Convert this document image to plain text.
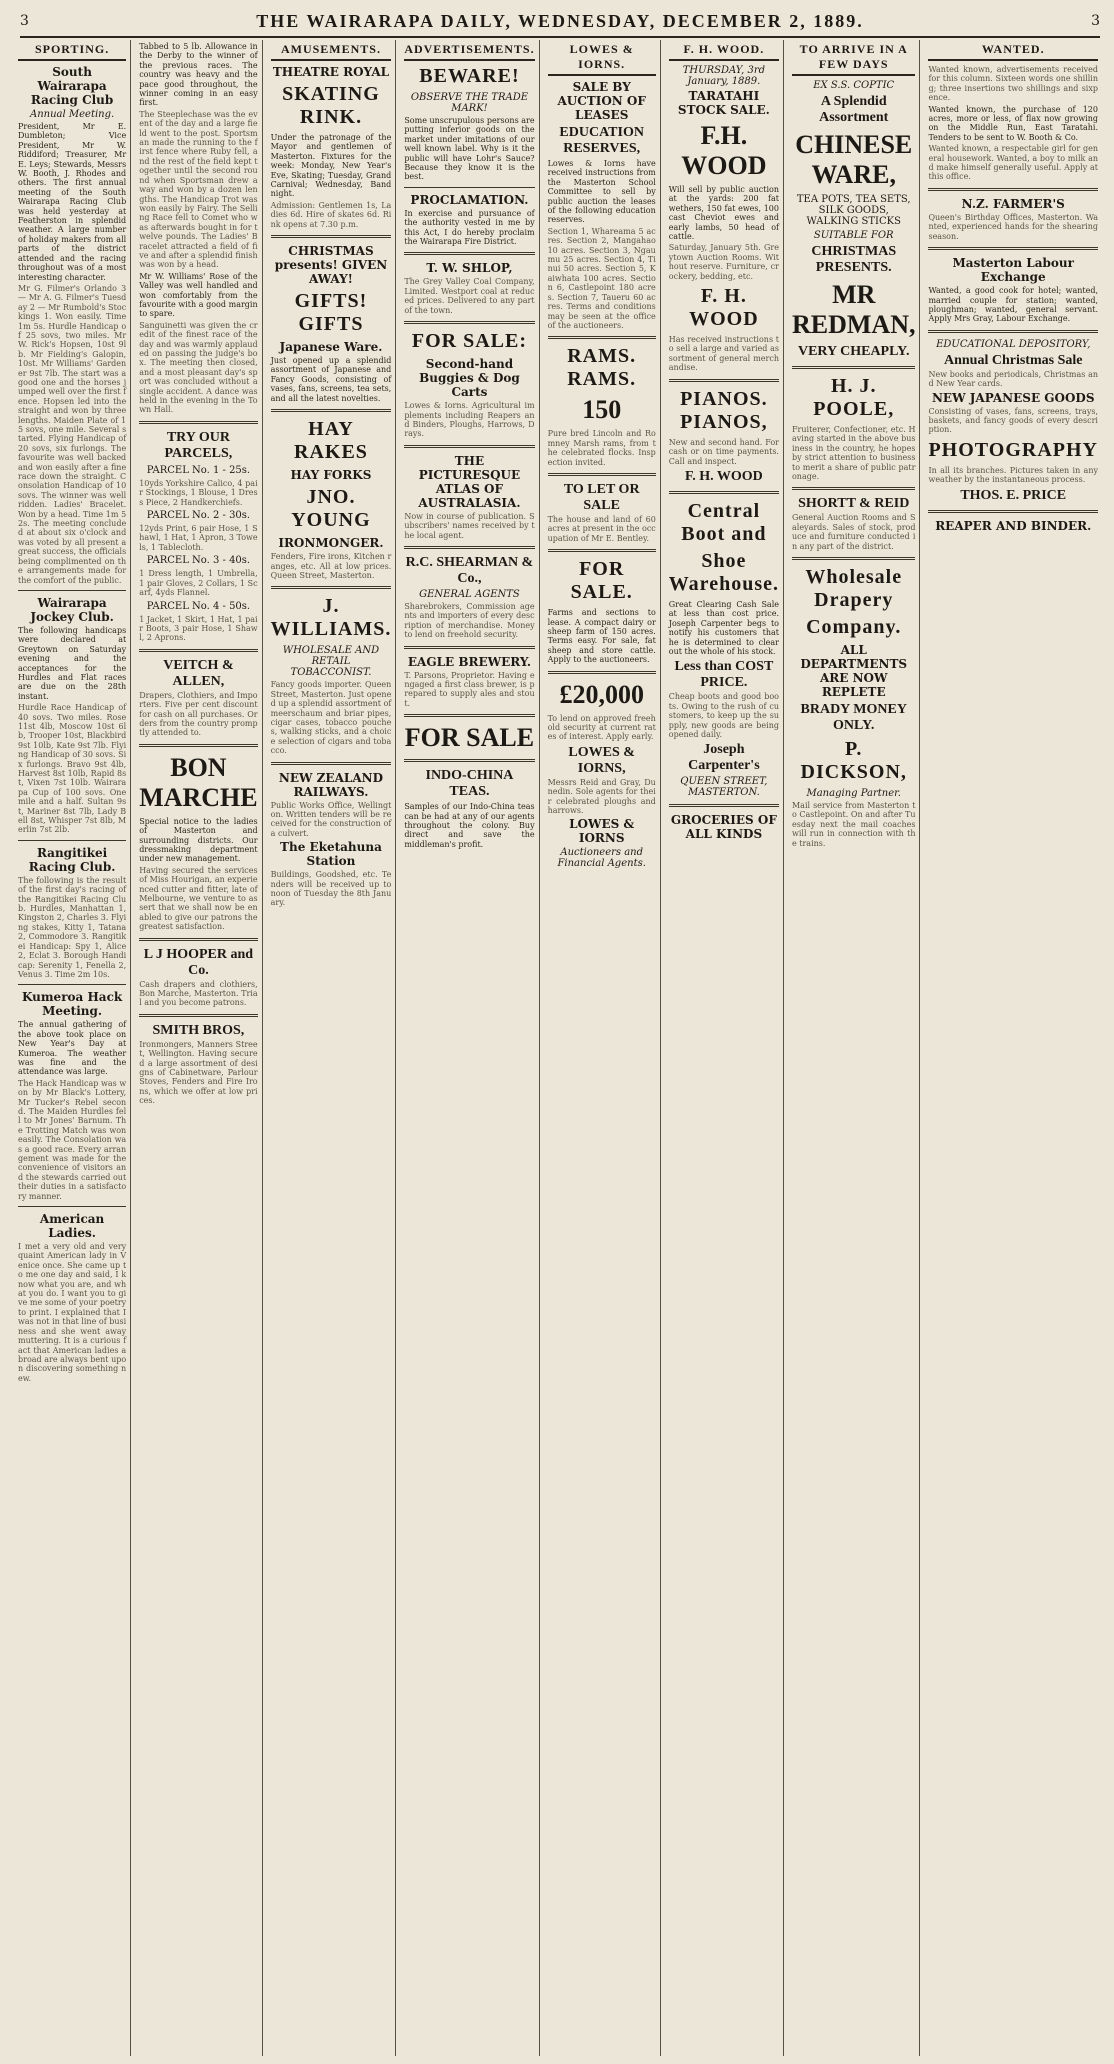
3	THE WAIRARAPA DAILY, WEDNESDAY, DECEMBER 2, 1889.	3
SPORTING.
South Wairarapa Racing Club
Annual Meeting.
President, Mr E. Dumbleton; Vice President, Mr W. Riddiford; Treasurer, Mr E. Leys; Stewards, Messrs W. Booth, J. Rhodes and others. The first annual meeting of the South Wairarapa Racing Club was held yesterday at Featherston in splendid weather. A large number of holiday makers from all parts of the district attended and the racing throughout was of a most interesting character.
Mr G. Filmer's Orlando 3 — Mr A. G. Filmer's Tuesday 2 — Mr Rumbold's Stockings 1. Won easily. Time 1m 5s. Hurdle Handicap of 25 sovs, two miles. Mr W. Rick's Hopsen, 10st 9lb. Mr Fielding's Galopin, 10st. Mr Williams' Gardener 9st 7lb. The start was a good one and the horses jumped well over the first fence. Hopsen led into the straight and won by three lengths. Maiden Plate of 15 sovs, one mile. Several started. Flying Handicap of 20 sovs, six furlongs. The favourite was well backed and won easily after a fine race down the straight. Consolation Handicap of 10 sovs. The winner was well ridden. Ladies' Bracelet. Won by a head. Time 1m 52s. The meeting concluded at about six o'clock and was voted by all present a great success, the officials being complimented on the arrangements made for the comfort of the public.
Wairarapa Jockey Club.
The following handicaps were declared at Greytown on Saturday evening and the acceptances for the Hurdles and Flat races are due on the 28th instant.
Hurdle Race Handicap of 40 sovs. Two miles. Rose 11st 4lb, Moscow 10st 6lb, Trooper 10st, Blackbird 9st 10lb, Kate 9st 7lb. Flying Handicap of 30 sovs. Six furlongs. Bravo 9st 4lb, Harvest 8st 10lb, Rapid 8st, Vixen 7st 10lb. Wairarapa Cup of 100 sovs. One mile and a half. Sultan 9st, Mariner 8st 7lb, Lady Bell 8st, Whisper 7st 8lb, Merlin 7st 2lb.
Rangitikei Racing Club.
The following is the result of the first day's racing of the Rangitikei Racing Club. Hurdles, Manhattan 1, Kingston 2, Charles 3. Flying stakes, Kitty 1, Tatana 2, Commodore 3. Rangitikei Handicap: Spy 1, Alice 2, Eclat 3. Borough Handicap: Serenity 1, Fenella 2, Venus 3. Time 2m 10s.
Kumeroa Hack Meeting.
The annual gathering of the above took place on New Year's Day at Kumeroa. The weather was fine and the attendance was large.
The Hack Handicap was won by Mr Black's Lottery, Mr Tucker's Rebel second. The Maiden Hurdles fell to Mr Jones' Barnum. The Trotting Match was won easily. The Consolation was a good race. Every arrangement was made for the convenience of visitors and the stewards carried out their duties in a satisfactory manner.
American Ladies.
I met a very old and very quaint American lady in Venice once. She came up to me one day and said, I know what you are, and what you do. I want you to give me some of your poetry to print. I explained that I was not in that line of business and she went away muttering. It is a curious fact that American ladies abroad are always bent upon discovering something new.
Tabbed to 5 lb. Allowance in the Derby to the winner of the previous races. The country was heavy and the pace good throughout, the winner coming in an easy first.
The Steeplechase was the event of the day and a large field went to the post. Sportsman made the running to the first fence where Ruby fell, and the rest of the field kept together until the second round when Sportsman drew away and won by a dozen lengths. The Handicap Trot was won easily by Fairy. The Selling Race fell to Comet who was afterwards bought in for twelve pounds. The Ladies' Bracelet attracted a field of five and after a splendid finish was won by a head.
Mr W. Williams' Rose of the Valley was well handled and won comfortably from the favourite with a good margin to spare.
Sanguinetti was given the credit of the finest race of the day and was warmly applauded on passing the judge's box. The meeting then closed, and a most pleasant day's sport was concluded without a single accident. A dance was held in the evening in the Town Hall.
TRY OUR PARCELS,
PARCEL No. 1 - 25s.
10yds Yorkshire Calico, 4 pair Stockings, 1 Blouse, 1 Dress Piece, 2 Handkerchiefs.
PARCEL No. 2 - 30s.
12yds Print, 6 pair Hose, 1 Shawl, 1 Hat, 1 Apron, 3 Towels, 1 Tablecloth.
PARCEL No. 3 - 40s.
1 Dress length, 1 Umbrella, 1 pair Gloves, 2 Collars, 1 Scarf, 4yds Flannel.
PARCEL No. 4 - 50s.
1 Jacket, 1 Skirt, 1 Hat, 1 pair Boots, 3 pair Hose, 1 Shawl, 2 Aprons.
VEITCH & ALLEN,
Drapers, Clothiers, and Importers. Five per cent discount for cash on all purchases. Orders from the country promptly attended to.
BON MARCHE
Special notice to the ladies of Masterton and surrounding districts. Our dressmaking department under new management.
Having secured the services of Miss Hourigan, an experienced cutter and fitter, late of Melbourne, we venture to assert that we shall now be enabled to give our patrons the greatest satisfaction.
L J HOOPER and Co.
Cash drapers and clothiers, Bon Marche, Masterton. Trial and you become patrons.
SMITH BROS,
Ironmongers, Manners Street, Wellington. Having secured a large assortment of designs of Cabinetware, Parlour Stoves, Fenders and Fire Irons, which we offer at low prices.
AMUSEMENTS.
THEATRE ROYAL
SKATING RINK.
Under the patronage of the Mayor and gentlemen of Masterton. Fixtures for the week: Monday, New Year's Eve, Skating; Tuesday, Grand Carnival; Wednesday, Band night.
Admission: Gentlemen 1s, Ladies 6d. Hire of skates 6d. Rink opens at 7.30 p.m.
CHRISTMAS presents! GIVEN AWAY!
GIFTS! GIFTS
Japanese Ware.
Just opened up a splendid assortment of Japanese and Fancy Goods, consisting of vases, fans, screens, tea sets, and all the latest novelties.
HAY RAKES
HAY FORKS
JNO. YOUNG
IRONMONGER.
Fenders, Fire irons, Kitchen ranges, etc. All at low prices. Queen Street, Masterton.
J. WILLIAMS.
WHOLESALE AND RETAIL TOBACCONIST.
Fancy goods importer. Queen Street, Masterton. Just opened up a splendid assortment of meerschaum and briar pipes, cigar cases, tobacco pouches, walking sticks, and a choice selection of cigars and tobacco.
NEW ZEALAND RAILWAYS.
Public Works Office, Wellington. Written tenders will be received for the construction of a culvert.
The Eketahuna Station
Buildings, Goodshed, etc. Tenders will be received up to noon of Tuesday the 8th January.
ADVERTISEMENTS.
BEWARE!
OBSERVE THE TRADE MARK!
Some unscrupulous persons are putting inferior goods on the market under imitations of our well known label. Why is it the public will have Lohr's Sauce? Because they know it is the best.
PROCLAMATION.
In exercise and pursuance of the authority vested in me by this Act, I do hereby proclaim the Wairarapa Fire District.
T. W. SHLOP,
The Grey Valley Coal Company, Limited. Westport coal at reduced prices. Delivered to any part of the town.
FOR SALE:
Second-hand Buggies & Dog Carts
Lowes & Iorns. Agricultural implements including Reapers and Binders, Ploughs, Harrows, Drays.
THE PICTURESQUE ATLAS OF AUSTRALASIA.
Now in course of publication. Subscribers' names received by the local agent.
R.C. SHEARMAN & Co.,
GENERAL AGENTS
Sharebrokers, Commission agents and importers of every description of merchandise. Money to lend on freehold security.
EAGLE BREWERY.
T. Parsons, Proprietor. Having engaged a first class brewer, is prepared to supply ales and stout.
FOR SALE
INDO-CHINA TEAS.
Samples of our Indo-China teas can be had at any of our agents throughout the colony. Buy direct and save the middleman's profit.
LOWES & IORNS.
SALE BY AUCTION OF LEASES
EDUCATION RESERVES,
Lowes & Iorns have received instructions from the Masterton School Committee to sell by public auction the leases of the following education reserves.
Section 1, Whareama 5 acres. Section 2, Mangahao 10 acres. Section 3, Ngaumu 25 acres. Section 4, Tinui 50 acres. Section 5, Kaiwhata 100 acres. Section 6, Castlepoint 180 acres. Section 7, Taueru 60 acres. Terms and conditions may be seen at the office of the auctioneers.
RAMS. RAMS.
150
Pure bred Lincoln and Romney Marsh rams, from the celebrated flocks. Inspection invited.
TO LET OR SALE
The house and land of 60 acres at present in the occupation of Mr E. Bentley.
FOR SALE.
Farms and sections to lease. A compact dairy or sheep farm of 150 acres. Terms easy. For sale, fat sheep and store cattle. Apply to the auctioneers.
£20,000
To lend on approved freehold security at current rates of interest. Apply early.
LOWES & IORNS,
Messrs Reid and Gray, Dunedin. Sole agents for their celebrated ploughs and harrows.
LOWES & IORNS
Auctioneers and Financial Agents.
F. H. WOOD.
THURSDAY, 3rd January, 1889.
TARATAHI STOCK SALE.
F.H. WOOD
Will sell by public auction at the yards: 200 fat wethers, 150 fat ewes, 100 cast Cheviot ewes and early lambs, 50 head of cattle.
Saturday, January 5th. Greytown Auction Rooms. Without reserve. Furniture, crockery, bedding, etc.
F. H. WOOD
Has received instructions to sell a large and varied assortment of general merchandise.
PIANOS. PIANOS,
New and second hand. For cash or on time payments. Call and inspect.
F. H. WOOD
Central Boot and
Shoe Warehouse.
Great Clearing Cash Sale at less than cost price. Joseph Carpenter begs to notify his customers that he is determined to clear out the whole of his stock.
Less than COST PRICE.
Cheap boots and good boots. Owing to the rush of customers, to keep up the supply, new goods are being opened daily.
Joseph Carpenter's
QUEEN STREET, MASTERTON.
GROCERIES OF ALL KINDS
TO ARRIVE IN A FEW DAYS
EX S.S. COPTIC
A Splendid Assortment
CHINESE WARE,
TEA POTS, TEA SETS, SILK GOODS, WALKING STICKS
SUITABLE FOR
CHRISTMAS PRESENTS.
MR REDMAN,
VERY CHEAPLY.
H. J. POOLE,
Fruiterer, Confectioner, etc. Having started in the above business in the country, he hopes by strict attention to business to merit a share of public patronage.
SHORTT & REID
General Auction Rooms and Saleyards. Sales of stock, produce and furniture conducted in any part of the district.
Wholesale Drapery
Company.
ALL DEPARTMENTS ARE NOW REPLETE
BRADY MONEY ONLY.
P. DICKSON,
Managing Partner.
Mail service from Masterton to Castlepoint. On and after Tuesday next the mail coaches will run in connection with the trains.
WANTED.
Wanted known, advertisements received for this column. Sixteen words one shilling; three insertions two shillings and sixpence.
Wanted known, the purchase of 120 acres, more or less, of flax now growing on the Middle Run, East Taratahi. Tenders to be sent to W. Booth & Co.
Wanted known, a respectable girl for general housework. Wanted, a boy to milk and make himself generally useful. Apply at this office.
N.Z. FARMER'S
Queen's Birthday Offices, Masterton. Wanted, experienced hands for the shearing season.
Masterton Labour Exchange
Wanted, a good cook for hotel; wanted, married couple for station; wanted, ploughman; wanted, general servant. Apply Mrs Gray, Labour Exchange.
EDUCATIONAL DEPOSITORY,
Annual Christmas Sale
New books and periodicals, Christmas and New Year cards.
NEW JAPANESE GOODS
Consisting of vases, fans, screens, trays, baskets, and fancy goods of every description.
PHOTOGRAPHY
In all its branches. Pictures taken in any weather by the instantaneous process.
THOS. E. PRICE
REAPER AND BINDER.
